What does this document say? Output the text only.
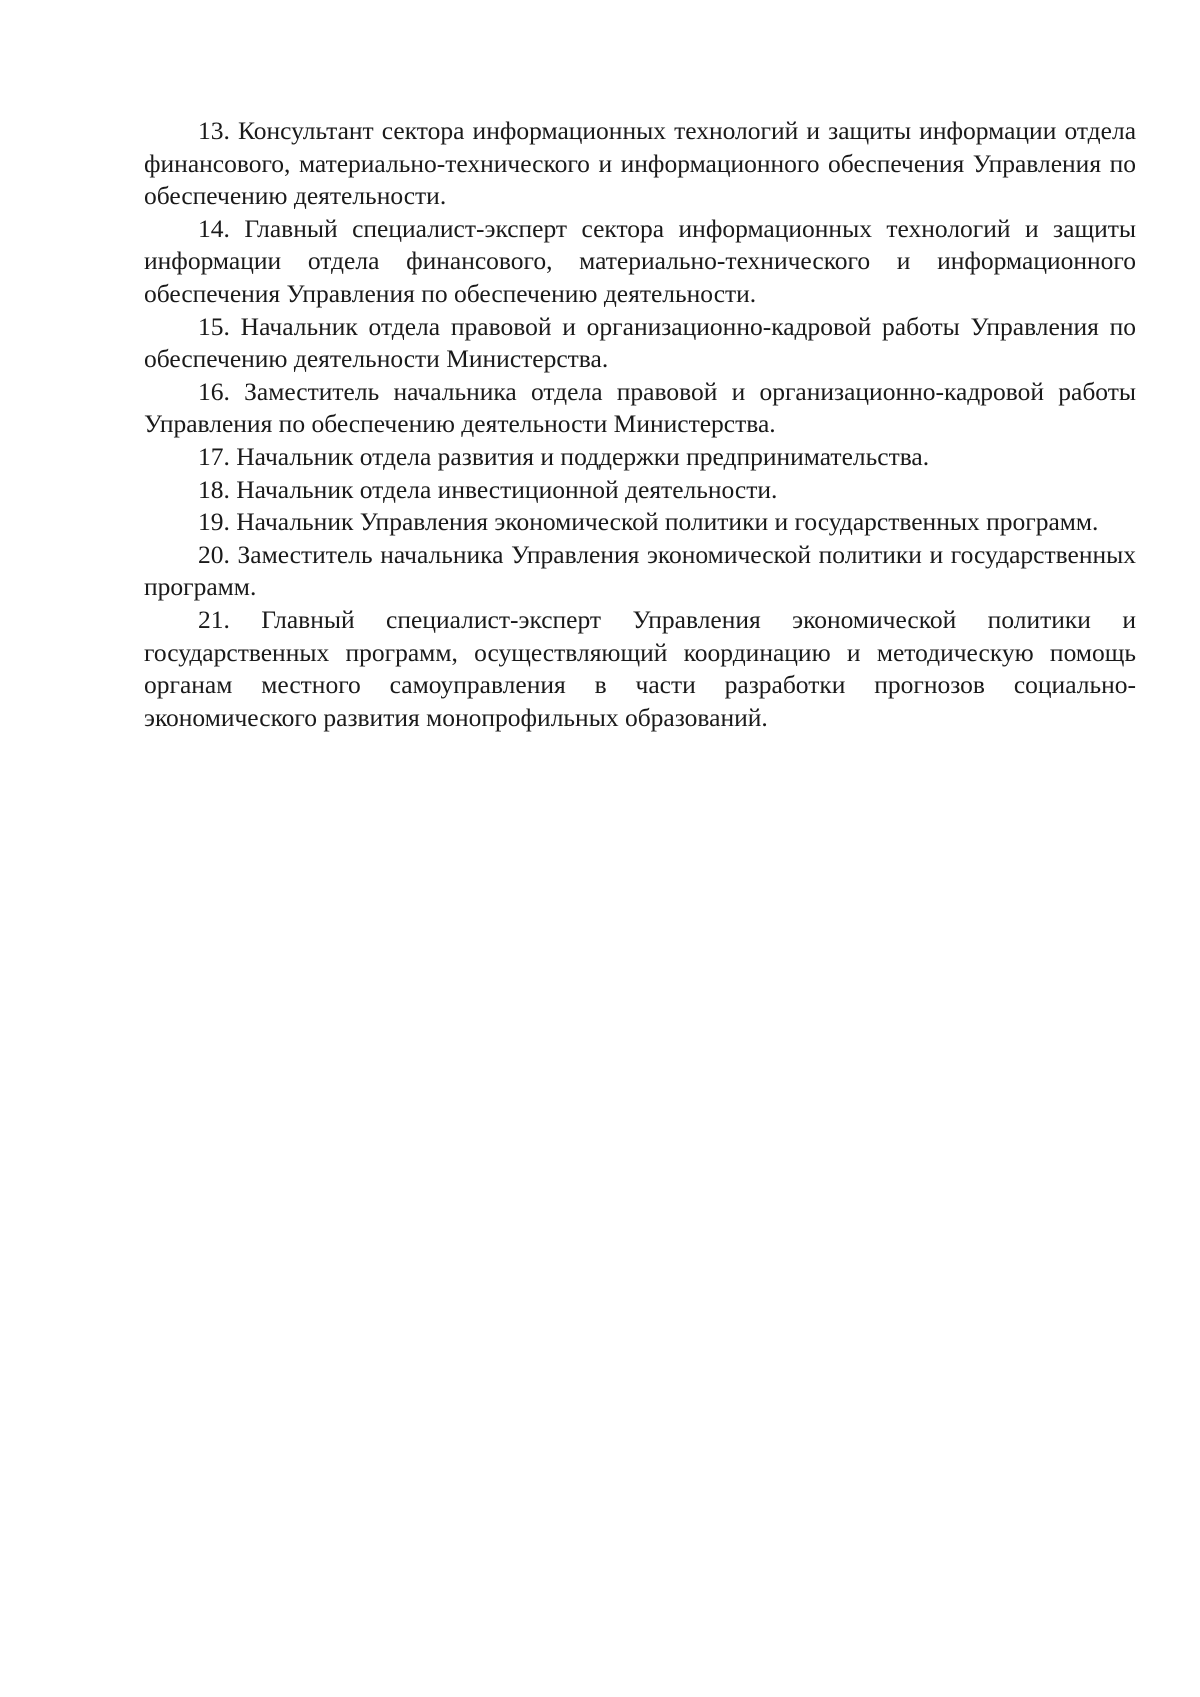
13. Консультант сектора информационных технологий и защиты информации отдела финансового, материально-технического и информационного обеспечения Управления по обеспечению деятельности.

14. Главный специалист-эксперт сектора информационных технологий и защиты информации отдела финансового, материально-технического и информационного обеспечения Управления по обеспечению деятельности.

15. Начальник отдела правовой и организационно-кадровой работы Управления по обеспечению деятельности Министерства.

16. Заместитель начальника отдела правовой и организационно-кадровой работы Управления по обеспечению деятельности Министерства.

17. Начальник отдела развития и поддержки предпринимательства.

18. Начальник отдела инвестиционной деятельности.

19. Начальник Управления экономической политики и государственных программ.

20. Заместитель начальника Управления экономической политики и государственных программ.

21. Главный специалист-эксперт Управления экономической политики и государственных программ, осуществляющий координацию и методическую помощь органам местного самоуправления в части разработки прогнозов социально-экономического развития монопрофильных образований.
